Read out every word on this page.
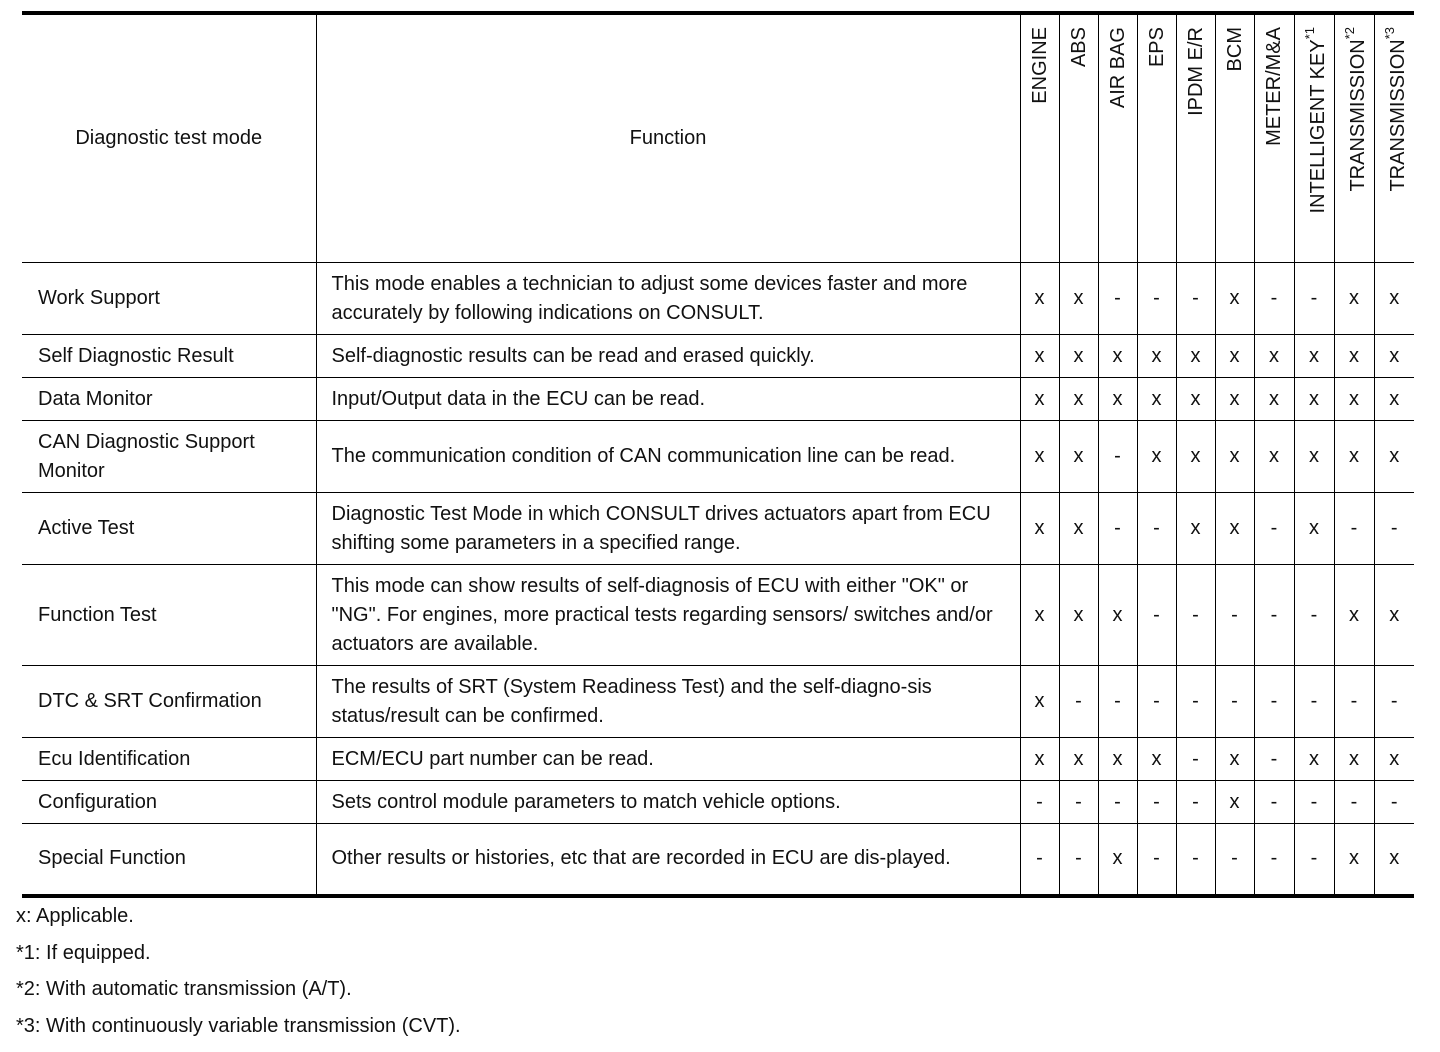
Diagnostic test mode	Function	ENGINE	ABS	AIR BAG	EPS	IPDM E/R	BCM	METER/M&A	INTELLIGENT KEY$^{*1}$	TRANSMISSION$^{*2}$	TRANSMISSION$^{*3}$

Work Support	This mode enables a technician to adjust some devices faster and more accurately by following indications on CONSULT.	x	x	-	-	-	x	-	-	x	x
Self Diagnostic Result	Self-diagnostic results can be read and erased quickly.	x	x	x	x	x	x	x	x	x	x
Data Monitor	Input/Output data in the ECU can be read.	x	x	x	x	x	x	x	x	x	x
CAN Diagnostic Support Monitor	The communication condition of CAN communication line can be read.	x	x	-	x	x	x	x	x	x	x
Active Test	Diagnostic Test Mode in which CONSULT drives actuators apart from ECU shifting some parameters in a specified range.	x	x	-	-	x	x	-	x	-	-
Function Test	This mode can show results of self-diagnosis of ECU with either "OK" or "NG". For engines, more practical tests regarding sensors/ switches and/or actuators are available.	x	x	x	-	-	-	-	-	x	x
DTC & SRT Confirmation	The results of SRT (System Readiness Test) and the self-diagno-sis status/result can be confirmed.	x	-	-	-	-	-	-	-	-	-
Ecu Identification	ECM/ECU part number can be read.	x	x	x	x	-	x	-	x	x	x
Configuration	Sets control module parameters to match vehicle options.	-	-	-	-	-	x	-	-	-	-
Special Function	Other results or histories, etc that are recorded in ECU are dis-played.	-	-	x	-	-	-	-	-	x	x
x: Applicable.
*1: If equipped.
*2: With automatic transmission (A/T).
*3: With continuously variable transmission (CVT).
